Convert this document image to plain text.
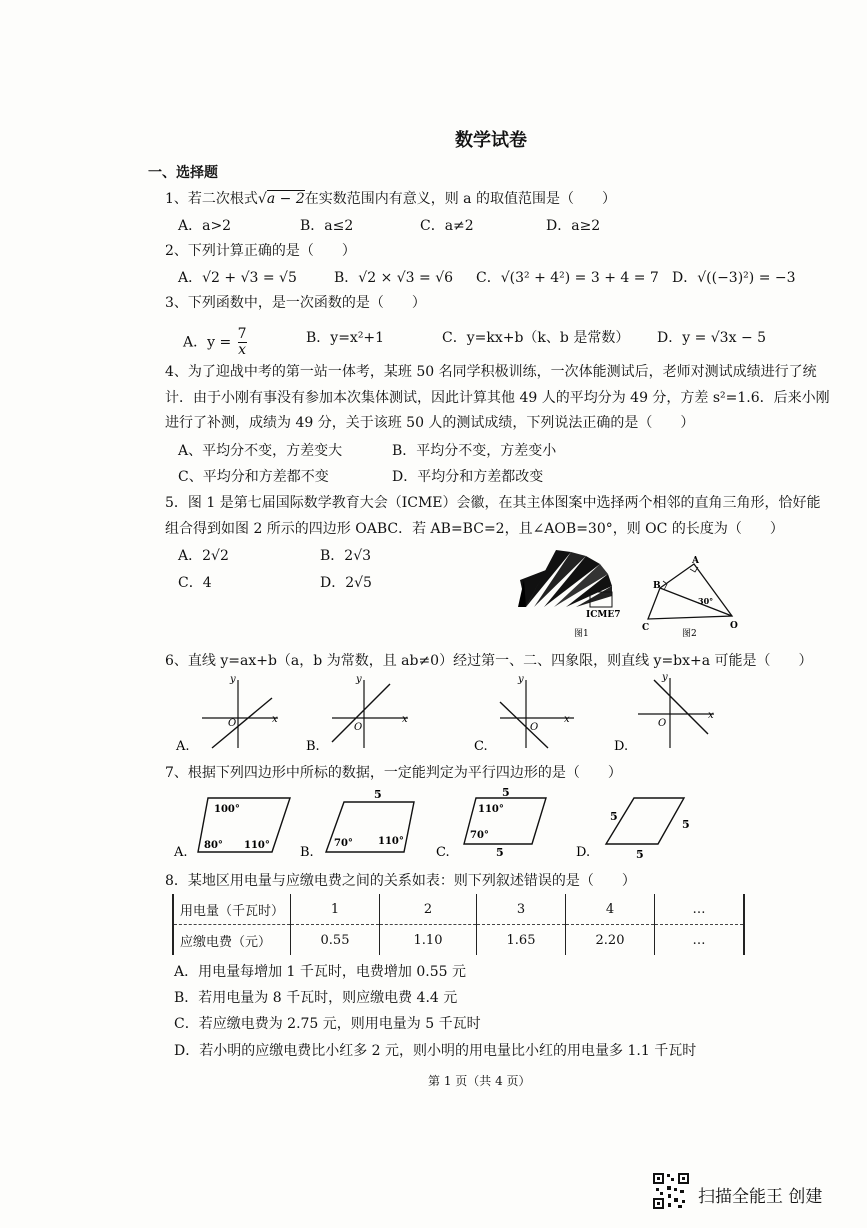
数学试卷
一、选择题
1、若二次根式√a − 2在实数范围内有意义，则 a 的取值范围是（　　）
A．a>2	B．a≤2	C．a≠2	D．a≥2
2、下列计算正确的是（　　）
A．√2 + √3 = √5	B．√2 × √3 = √6 C．√(3² + 4²) = 3 + 4 = 7 D．√((−3)²) = −3
3、下列函数中，是一次函数的是（　　）
A．$y = \frac{7}{x}$	B．y=x²+1	C．y=kx+b（k、b 是常数） D．y = √3x − 5
4、为了迎战中考的第一站一体考，某班 50 名同学积极训练，一次体能测试后，老师对测试成绩进行了统
计．由于小刚有事没有参加本次集体测试，因此计算其他 49 人的平均分为 49 分，方差 s²=1.6．后来小刚
进行了补测，成绩为 49 分，关于该班 50 人的测试成绩，下列说法正确的是（　　）
A、平均分不变，方差变大	B．平均分不变，方差变小
C、平均分和方差都不变	D．平均分和方差都改变
5．图 1 是第七届国际数学教育大会（ICME）会徽，在其主体图案中选择两个相邻的直角三角形，恰好能
组合得到如图 2 所示的四边形 OABC．若 AB=BC=2，且∠AOB=30°，则 OC 的长度为（　　）
A．2√2	B．2√3
C．4	D．2√5
ICME7
图1
A
B
C	O
30°
图2
6、直线 y=ax+b（a，b 为常数，且 ab≠0）经过第一、二、四象限，则直线 y=bx+a 可能是（　　）
y
x
O
A.
y
x
O
B.
y
x
O
C.
y
x
O
D.
7、根据下列四边形中所标的数据，一定能判定为平行四边形的是（　　）
100°
80° 110°
A.
5
70°	110°
B.
5
110°
70°
5
C.
5
5
5
D.
8．某地区用电量与应缴电费之间的关系如表：则下列叙述错误的是（　　）
用电量（千瓦时）	1	2	3	4	…
应缴电费（元）	0.55	1.10	1.65	2.20	…
A．用电量每增加 1 千瓦时，电费增加 0.55 元
B．若用电量为 8 千瓦时，则应缴电费 4.4 元
C．若应缴电费为 2.75 元，则用电量为 5 千瓦时
D．若小明的应缴电费比小红多 2 元，则小明的用电量比小红的用电量多 1.1 千瓦时
第 1 页（共 4 页）
扫描全能王 创建
